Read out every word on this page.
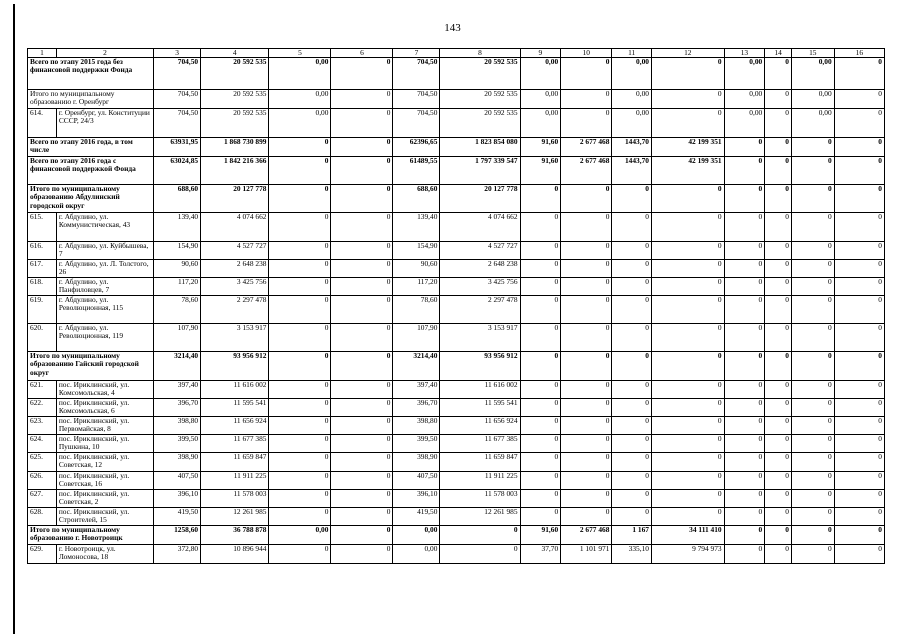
143
1	2	3	4	5	6	7	8	9	10	11	12	13	14	15	16
Всего по этапу 2015 года без финансовой поддержки Фонда		704,50	20 592 535	0,00	0	704,50	20 592 535	0,00	0	0,00	0	0,00	0	0,00	0
Итого по муниципальному образованию г. Оренбург		704,50	20 592 535	0,00	0	704,50	20 592 535	0,00	0	0,00	0	0,00	0	0,00	0
614.	г. Оренбург, ул. Конституции СССР, 24/3	704,50	20 592 535	0,00	0	704,50	20 592 535	0,00	0	0,00	0	0,00	0	0,00	0
Всего по этапу 2016 года, в том числе		63931,95	1 868 730 899	0	0	62396,65	1 823 854 080	91,60	2 677 468	1443,70	42 199 351	0	0	0	0
Всего по этапу 2016 года с финансовой поддержкой Фонда		63024,85	1 842 216 366	0	0	61489,55	1 797 339 547	91,60	2 677 468	1443,70	42 199 351	0	0	0	0
Итого по муниципальному образованию Абдулинский городской округ		688,60	20 127 778	0	0	688,60	20 127 778	0	0	0	0	0	0	0	0
615.	г. Абдулино, ул. Коммунистическая, 43	139,40	4 074 662	0	0	139,40	4 074 662	0	0	0	0	0	0	0	0
616.	г. Абдулино, ул. Куйбышева, 7	154,90	4 527 727	0	0	154,90	4 527 727	0	0	0	0	0	0	0	0
617.	г. Абдулино, ул. Л. Толстого, 26	90,60	2 648 238	0	0	90,60	2 648 238	0	0	0	0	0	0	0	0
618.	г. Абдулино, ул. Панфиловцев, 7	117,20	3 425 756	0	0	117,20	3 425 756	0	0	0	0	0	0	0	0
619.	г. Абдулино, ул. Революционная, 115	78,60	2 297 478	0	0	78,60	2 297 478	0	0	0	0	0	0	0	0
620.	г. Абдулино, ул. Революционная, 119	107,90	3 153 917	0	0	107,90	3 153 917	0	0	0	0	0	0	0	0
Итого по муниципальному образованию Гайский городской округ		3214,40	93 956 912	0	0	3214,40	93 956 912	0	0	0	0	0	0	0	0
621.	пос. Ириклинский, ул. Комсомольская, 4	397,40	11 616 002	0	0	397,40	11 616 002	0	0	0	0	0	0	0	0
622.	пос. Ириклинский, ул. Комсомольская, 6	396,70	11 595 541	0	0	396,70	11 595 541	0	0	0	0	0	0	0	0
623.	пос. Ириклинский, ул. Первомайская, 8	398,80	11 656 924	0	0	398,80	11 656 924	0	0	0	0	0	0	0	0
624.	пос. Ириклинский, ул. Пушкина, 10	399,50	11 677 385	0	0	399,50	11 677 385	0	0	0	0	0	0	0	0
625.	пос. Ириклинский, ул. Советская, 12	398,90	11 659 847	0	0	398,90	11 659 847	0	0	0	0	0	0	0	0
626.	пос. Ириклинский, ул. Советская, 16	407,50	11 911 225	0	0	407,50	11 911 225	0	0	0	0	0	0	0	0
627.	пос. Ириклинский, ул. Советская, 2	396,10	11 578 003	0	0	396,10	11 578 003	0	0	0	0	0	0	0	0
628.	пос. Ириклинский, ул. Строителей, 15	419,50	12 261 985	0	0	419,50	12 261 985	0	0	0	0	0	0	0	0
Итого по муниципальному образованию г. Новотроицк		1258,60	36 788 878	0,00	0	0,00	0	91,60	2 677 468	1 167	34 111 410	0	0	0	0
629.	г. Новотроицк, ул. Ломоносова, 18	372,80	10 896 944	0	0	0,00	0	37,70	1 101 971	335,10	9 794 973	0	0	0	0
